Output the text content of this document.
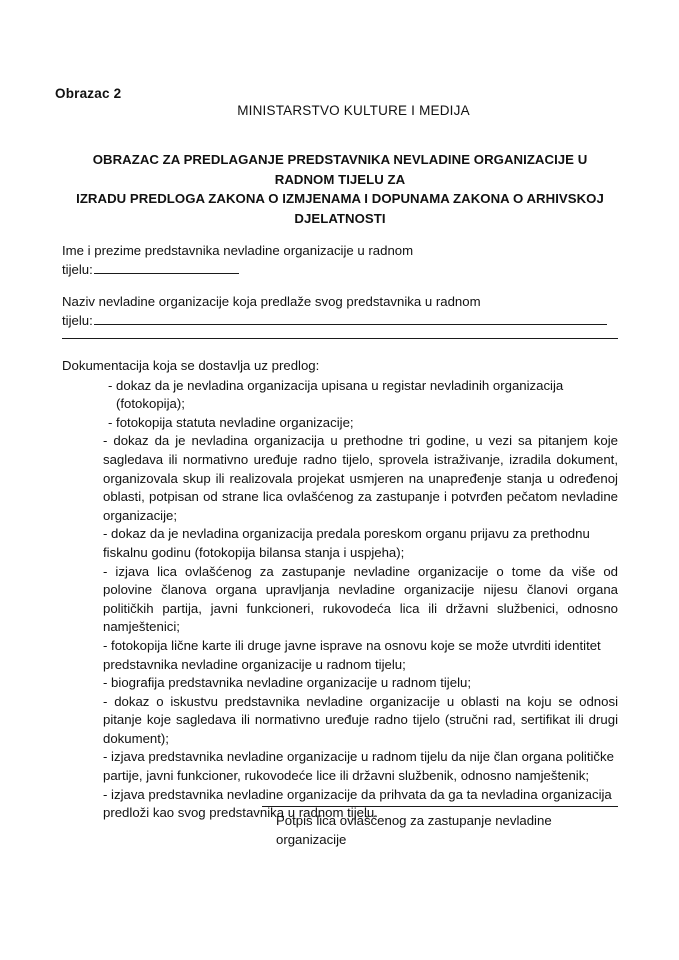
Obrazac 2
MINISTARSTVO KULTURE I MEDIJA
OBRAZAC ZA PREDLAGANJE PREDSTAVNIKA NEVLADINE ORGANIZACIJE U RADNOM TIJELU ZA
IZRADU PREDLOGA ZAKONA O IZMJENAMA I DOPUNAMA ZAKONA O ARHIVSKOJ DJELATNOSTI
Ime i prezime predstavnika nevladine organizacije u radnom
tijelu:
Naziv nevladine organizacije koja predlaže svog predstavnika u radnom
tijelu:
Dokumentacija koja se dostavlja uz predlog:
- dokaz da je nevladina organizacija upisana u registar nevladinih organizacija (fotokopija);
- fotokopija statuta nevladine organizacije;
- dokaz da je nevladina organizacija u prethodne tri godine, u vezi sa pitanjem koje sagledava ili normativno uređuje radno tijelo, sprovela istraživanje, izradila dokument, organizovala skup ili realizovala projekat usmjeren na unapređenje stanja u određenoj oblasti, potpisan od strane lica ovlašćenog za zastupanje i potvrđen pečatom nevladine organizacije;
- dokaz da je nevladina organizacija predala poreskom organu prijavu za prethodnu fiskalnu godinu (fotokopija bilansa stanja i uspjeha);
- izjava lica ovlašćenog za zastupanje nevladine organizacije o tome da više od polovine članova organa upravljanja nevladine organizacije nijesu članovi organa političkih partija, javni funkcioneri, rukovodeća lica ili državni službenici, odnosno namještenici;
- fotokopija lične karte ili druge javne isprave na osnovu koje se može utvrditi identitet predstavnika nevladine organizacije u radnom tijelu;
- biografija predstavnika nevladine organizacije u radnom tijelu;
- dokaz o iskustvu predstavnika nevladine organizacije u oblasti na koju se odnosi pitanje koje sagledava ili normativno uređuje radno tijelo (stručni rad, sertifikat ili drugi dokument);
- izjava predstavnika nevladine organizacije u radnom tijelu da nije član organa političke partije, javni funkcioner, rukovodeće lice ili državni službenik, odnosno namještenik;
- izjava predstavnika nevladine organizacije da prihvata da ga ta nevladina organizacija predloži kao svog predstavnika u radnom tijelu.
Potpis lica ovlašćenog za zastupanje nevladine organizacije
